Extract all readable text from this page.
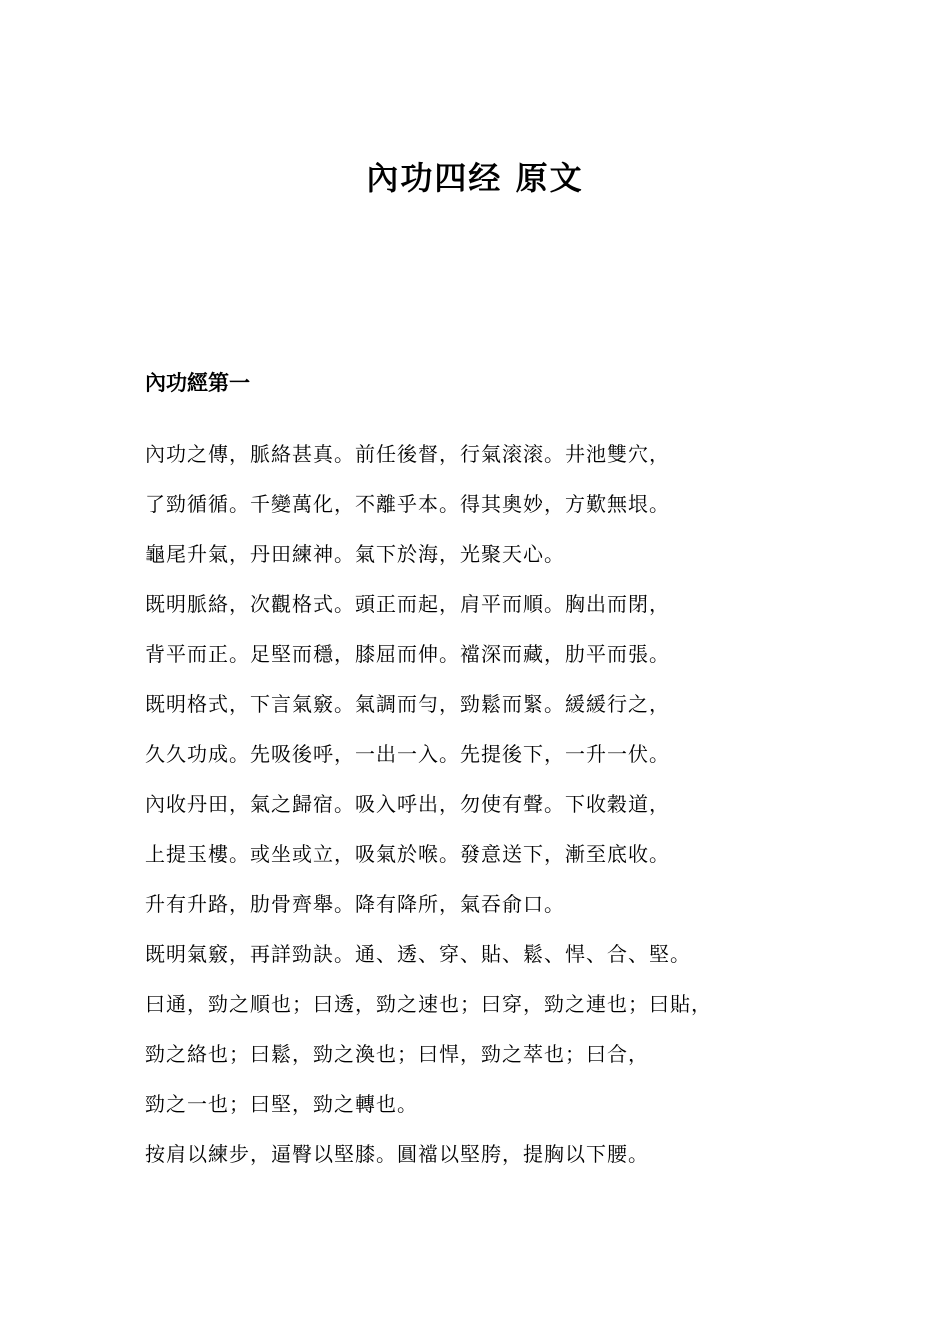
內功四经 原文
內功經第一
內功之傳，脈絡甚真。前任後督，行氣滚滚。井池雙穴，
了勁循循。千變萬化，不離乎本。得其奧妙，方歎無垠。
龜尾升氣，丹田練神。氣下於海，光聚天心。
既明脈絡，次觀格式。頭正而起，肩平而順。胸出而閉，
背平而正。足堅而穩，膝屈而伸。襠深而藏，肋平而張。
既明格式，下言氣竅。氣調而勻，勁鬆而緊。緩緩行之，
久久功成。先吸後呼，一出一入。先提後下，一升一伏。
內收丹田，氣之歸宿。吸入呼出，勿使有聲。下收穀道，
上提玉樓。或坐或立，吸氣於喉。發意送下，漸至底收。
升有升路，肋骨齊舉。降有降所，氣吞俞口。
既明氣竅，再詳勁訣。通、透、穿、貼、鬆、悍、合、堅。
曰通，勁之順也；曰透，勁之速也；曰穿，勁之連也；曰貼，
勁之絡也；曰鬆，勁之渙也；曰悍，勁之萃也；曰合，
勁之一也；曰堅，勁之轉也。
按肩以練步，逼臀以堅膝。圓襠以堅胯，提胸以下腰。
